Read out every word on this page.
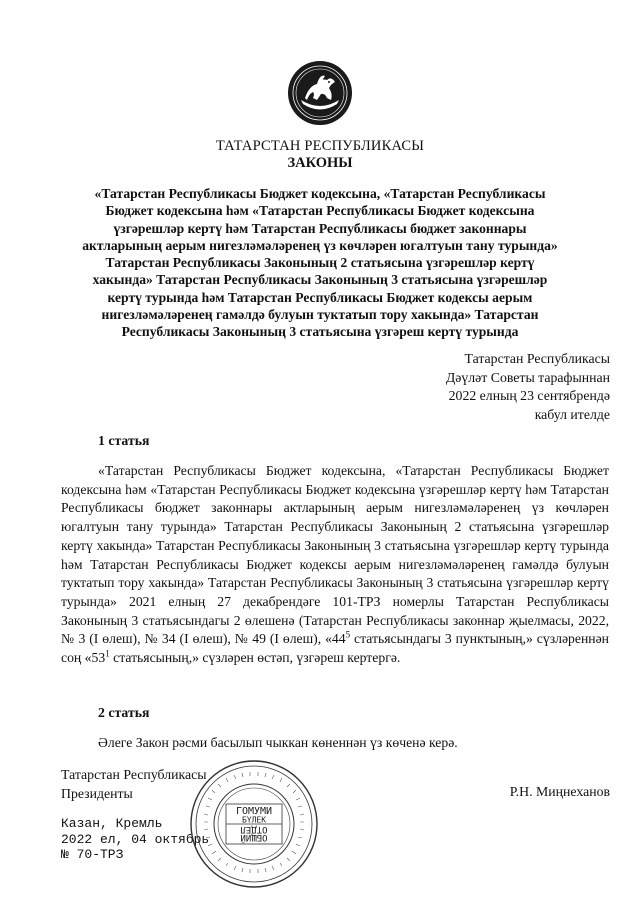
ТАТАРСТАН РЕСПУБЛИКАСЫ
ЗАКОНЫ
«Татарстан Республикасы Бюджет кодексына, «Татарстан Республикасы
Бюджет кодексына һәм «Татарстан Республикасы Бюджет кодексына
үзгәрешләр кертү һәм Татарстан Республикасы бюджет законнары
актларының аерым нигезләмәләренең үз көчләрен югалтуын тану турында»
Татарстан Республикасы Законының 2 статьясына үзгәрешләр кертү
хакында» Татарстан Республикасы Законының 3 статьясына үзгәрешләр
кертү турында һәм Татарстан Республикасы Бюджет кодексы аерым
нигезләмәләренең гамәлдә булуын туктатып тору хакында» Татарстан
Республикасы Законының 3 статьясына үзгәреш кертү турында
Татарстан Республикасы
Дәүләт Советы тарафыннан
2022 елның 23 сентябрендә
кабул ителде
1 статья
«Татарстан Республикасы Бюджет кодексына, «Татарстан Республикасы Бюджет кодексына һәм «Татарстан Республикасы Бюджет кодексына үзгәрешләр кертү һәм Татарстан Республикасы бюджет законнары актларының аерым нигезләмәләренең үз көчләрен югалтуын тану турында» Татарстан Республикасы Законының 2 статьясына үзгәрешләр кертү хакында» Татарстан Республикасы Законының 3 статьясына үзгәрешләр кертү турында һәм Татарстан Республикасы Бюджет кодексы аерым нигезләмәләренең гамәлдә булуын туктатып тору хакында» Татарстан Республикасы Законының 3 статьясына үзгәрешләр кертү турында» 2021 елның 27 декабрендәге 101-ТРЗ номерлы Татарстан Республикасы Законының 3 статьясындагы 2 өлешенә (Татарстан Республикасы законнар җыелмасы, 2022, № 3 (I өлеш), № 34 (I өлеш), № 49 (I өлеш), «$44^5$ статьясындагы 3 пунктының,» сүзләреннән соң «$53^1$ статьясының,» сүзләрен өстәп, үзгәреш кертергә.
2 статья
Әлеге Закон рәсми басылып чыккан көненнән үз көченә керә.
Татарстан Республикасы
Президенты	Р.Н. Миңнеханов
Казан, Кремль
2022 ел, 04 октябрь
№ 70-ТРЗ
ГОМУМИ
БҮЛЕК
ОТДЕЛ
ОБЩИЙ
